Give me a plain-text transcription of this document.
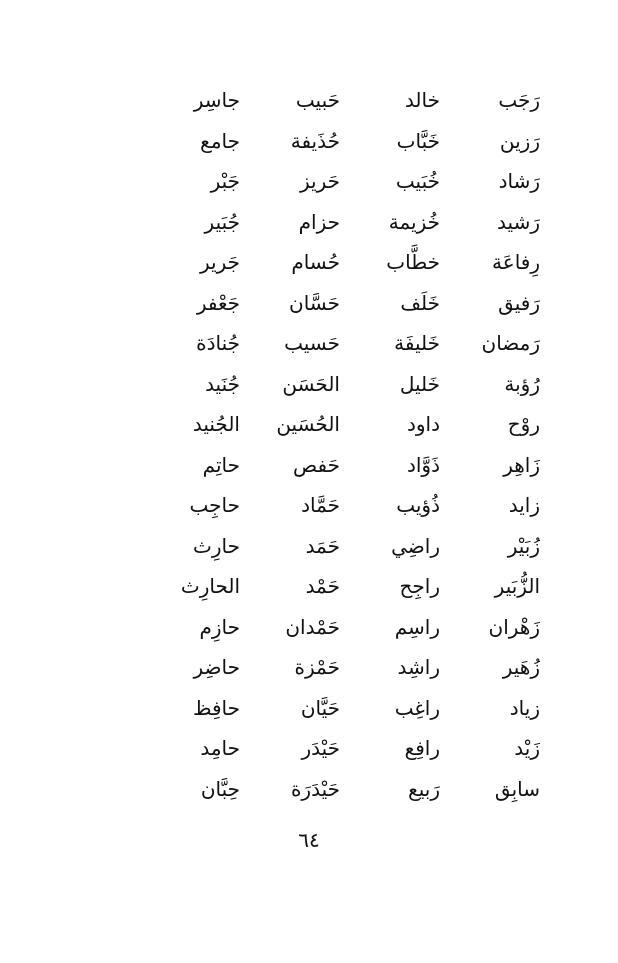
جاسِر	حَبيب	خالد	رَجَب
جامع	حُذَيفة	خَبَّاب	رَزين
جَبْر	حَريز	خُبَيب	رَشاد
جُبَير	حزام	خُزيمة	رَشيد
جَرير	حُسام	خطَّاب	رِفاعَة
جَعْفر	حَسَّان	خَلَف	رَفيق
جُنادَة	حَسيب	خَليفَة	رَمضان
جُنَيد	الحَسَن	خَليل	رُؤبة
الجُنيد	الحُسَين	داود	روْح
حاتِم	حَفص	ذَوَّاد	زَاهِر
حاجِب	حَمَّاد	ذُؤيب	زايد
حارِث	حَمَد	راضِي	زُبَيْر
الحارِث	حَمْد	راجِح	الزُّبَير
حازِم	حَمْدان	راسِم	زَهْران
حاضِر	حَمْزة	راشِد	زُهَير
حافِظ	حَيَّان	راغِب	زياد
حامِد	حَيْدَر	رافِع	زَيْد
حِبَّان	حَيْدَرَة	رَبيع	سابِق
٦٤
